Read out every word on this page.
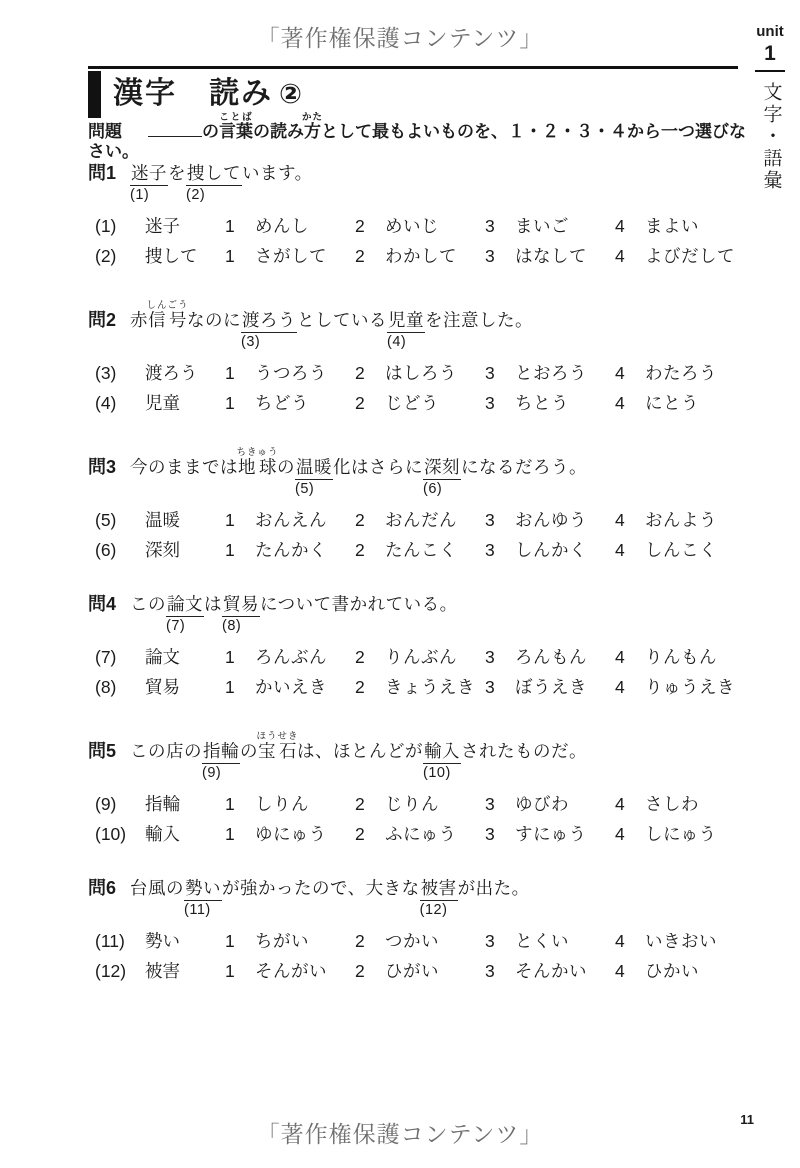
「著作権保護コンテンツ」	unit
1
文字・語彙
漢字　読み ②
問題	の言葉ことばの読み方かたとして最もよいものを、１・２・３・４から一つ選びなさい。
問1 迷子
(1)
を捜して
(2)
います。
(1)	迷子	1	めんし	2	めいじ	3	まいご	4	まよい
(2)	捜して	1	さがして 2	わかして 3	はなして 4	よびだして
問2 赤信号しんごうなのに渡ろう
(3)
としている児童
(4)
を注意した。
(3)	渡ろう	1	うつろう 2	はしろう 3	とおろう 4	わたろう
(4)	児童	1	ちどう	2	じどう	3	ちとう	4	にとう
問3 今のままでは地球ちきゅうの温暖
(5)
化はさらに深刻
(6)
になるだろう。
(5)	温暖	1	おんえん 2	おんだん 3	おんゆう 4	おんよう
(6)	深刻	1	たんかく 2	たんこく 3	しんかく 4	しんこく
問4 この論文
(7)
は貿易
(8)
について書かれている。
(7)	論文	1	ろんぶん 2	りんぶん 3	ろんもん 4	りんもん
(8)	貿易	1	かいえき 2	きょうえき 3	ぼうえき 4	りゅうえき
問5 この店の指輪
(9)
の宝石ほうせきは、ほとんどが輸入
(10)
されたものだ。
(9)	指輪	1	しりん	2	じりん	3	ゆびわ	4	さしわ
(10)	輸入	1	ゆにゅう 2	ふにゅう 3	すにゅう 4	しにゅう
問6 台風の勢い
(11)
が強かったので、大きな被害
(12)
が出た。
(11)	勢い	1	ちがい	2	つかい	3	とくい	4	いきおい
(12)	被害	1	そんがい 2	ひがい	3	そんかい 4	ひかい
「著作権保護コンテンツ」
11
